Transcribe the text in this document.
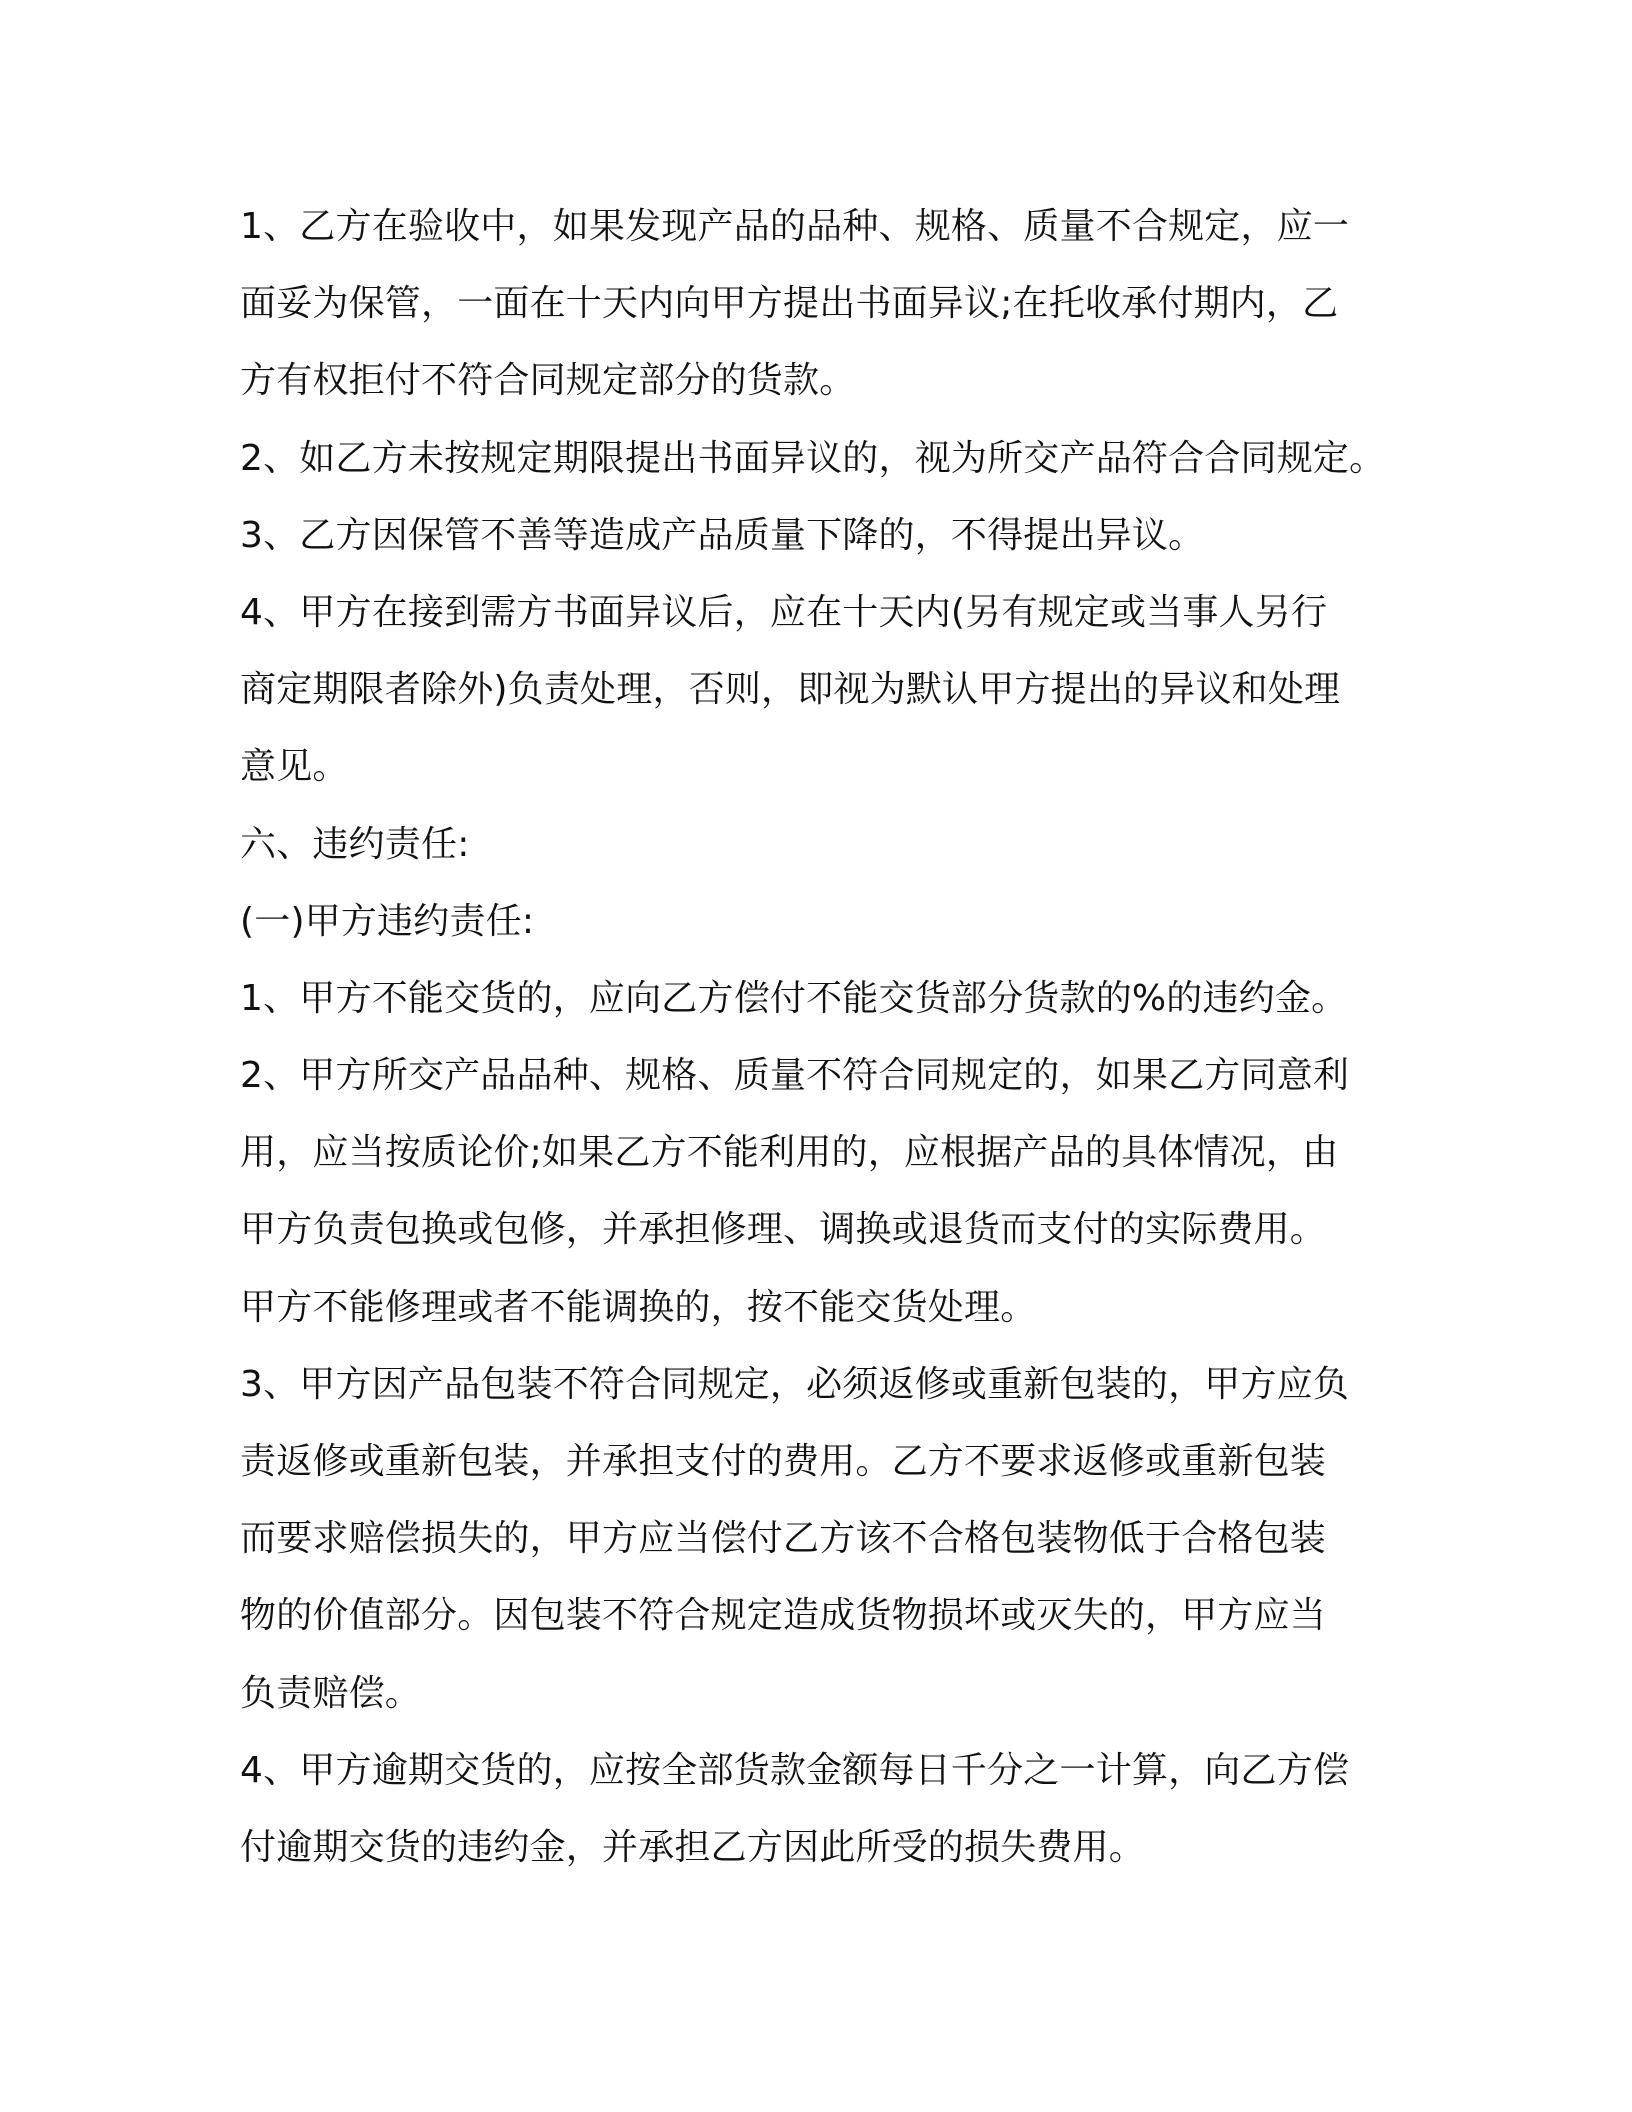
1、乙方在验收中，如果发现产品的品种、规格、质量不合规定，应一
面妥为保管，一面在十天内向甲方提出书面异议;在托收承付期内，乙
方有权拒付不符合同规定部分的货款。

2、如乙方未按规定期限提出书面异议的，视为所交产品符合合同规定。

3、乙方因保管不善等造成产品质量下降的，不得提出异议。

4、甲方在接到需方书面异议后，应在十天内(另有规定或当事人另行
商定期限者除外)负责处理，否则，即视为默认甲方提出的异议和处理
意见。

六、违约责任:

(一)甲方违约责任:

1、甲方不能交货的，应向乙方偿付不能交货部分货款的%的违约金。

2、甲方所交产品品种、规格、质量不符合同规定的，如果乙方同意利
用，应当按质论价;如果乙方不能利用的，应根据产品的具体情况，由
甲方负责包换或包修，并承担修理、调换或退货而支付的实际费用。
甲方不能修理或者不能调换的，按不能交货处理。

3、甲方因产品包装不符合同规定，必须返修或重新包装的，甲方应负
责返修或重新包装，并承担支付的费用。乙方不要求返修或重新包装
而要求赔偿损失的，甲方应当偿付乙方该不合格包装物低于合格包装
物的价值部分。因包装不符合规定造成货物损坏或灭失的，甲方应当
负责赔偿。

4、甲方逾期交货的，应按全部货款金额每日千分之一计算，向乙方偿
付逾期交货的违约金，并承担乙方因此所受的损失费用。
